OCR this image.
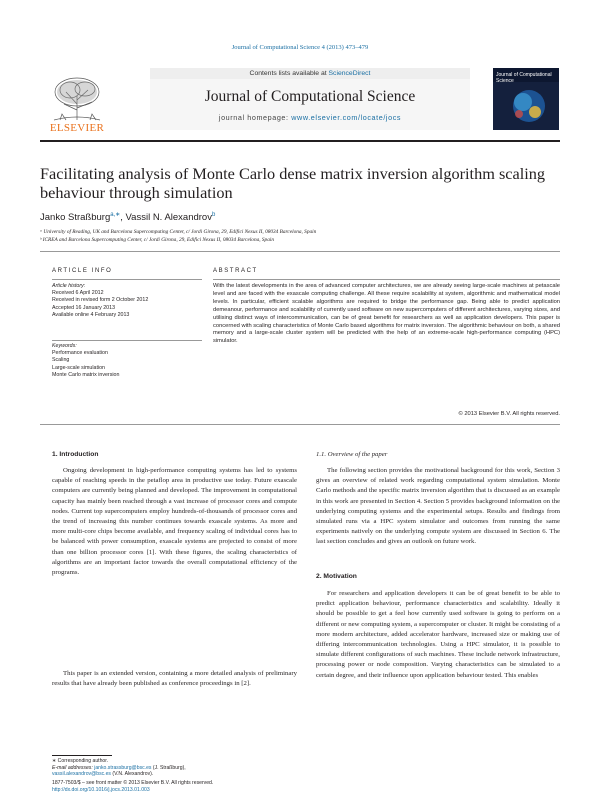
Journal of Computational Science 4 (2013) 473–479
ELSEVIER
Contents lists available at ScienceDirect
Journal of Computational Science
journal homepage: www.elsevier.com/locate/jocs
Journal of Computational Science
Facilitating analysis of Monte Carlo dense matrix inversion algorithm scaling behaviour through simulation
Janko Straßburg$^{a,∗}$, Vassil N. Alexandrov$^b$
ᵃ University of Reading, UK and Barcelona Supercomputing Center, c/ Jordi Girona, 29, Edifici Nexus II, 08034 Barcelona, Spain
ᵇ ICREA and Barcelona Supercomputing Center, c/ Jordi Girona, 29, Edifici Nexus II, 08034 Barcelona, Spain
ARTICLE INFO
Article history:
Received 6 April 2012
Received in revised form 2 October 2012
Accepted 16 January 2013
Available online 4 February 2013
Keywords:
Performance evaluation
Scaling
Large-scale simulation
Monte Carlo matrix inversion
ABSTRACT
With the latest developments in the area of advanced computer architectures, we are already seeing large-scale machines at petascale level and are faced with the exascale computing challenge. All these require scalability at system, algorithmic and mathematical model levels. In particular, efficient scalable algorithms are required to bridge the performance gap. Being able to predict application demeanour, performance and scalability of currently used software on new supercomputers of different architectures, varying sizes, and utilising distinct ways of intercommunication, can be of great benefit for researchers as well as application developers. This paper is concerned with scaling characteristics of Monte Carlo based algorithms for matrix inversion. The algorithmic behaviour on both, a shared memory and a large-scale cluster system will be predicted with the help of an extreme-scale high-performance computing (HPC) simulator.
© 2013 Elsevier B.V. All rights reserved.
1. Introduction
Ongoing development in high-performance computing systems has led to systems capable of reaching speeds in the petaflop area in productive use today. Future exascale computers are currently being planned and developed. The improvement in computational capacity has mainly been reached through a vast increase of processor cores and compute nodes. Current top supercomputers employ hundreds-of-thousands of processor cores and the trend of increasing this number continues towards exascale systems. As more and more multi-core chips become available, and frequency scaling of individual cores has to be balanced with power consumption, exascale systems are projected to consist of more than one billion processor cores [1]. With these figures, the scaling characteristics of algorithms are an important factor towards the overall computational efficiency of the programs.
This paper is an extended version, containing a more detailed analysis of preliminary results that have already been published as conference proceedings in [2].
1.1. Overview of the paper
The following section provides the motivational background for this work, Section 3 gives an overview of related work regarding computational system simulation. Monte Carlo methods and the specific matrix inversion algorithm that is discussed as an example in this work are presented in Section 4. Section 5 provides background information on the underlying computing systems and the experimental setups. Results and findings from simulated runs via a HPC system simulator and outcomes from running the same experiments natively on the underlying compute system are discussed in Section 6. The last section concludes and gives an outlook on future work.
2. Motivation
For researchers and application developers it can be of great benefit to be able to predict application behaviour, performance characteristics and scalability. Ideally it should be possible to get a feel how currently used software is going to perform on a different or new computing system, a supercomputer or cluster. It might be consisting of a more modern architecture, added accelerator hardware, increased size or making use of differing intercommunication technologies. Using a HPC simulator, it is possible to simulate different configurations of such machines. These include network infrastructure, processing power or node composition. Varying characteristics can be simulated to a certain degree, and their influence upon application behaviour tested. This enables
∗ Corresponding author.
E-mail addresses: janko.strassburg@bsc.es (J. Straßburg),
vassil.alexandrov@bsc.es (V.N. Alexandrov).
1877-7503/$ – see front matter © 2013 Elsevier B.V. All rights reserved.
http://dx.doi.org/10.1016/j.jocs.2013.01.003
